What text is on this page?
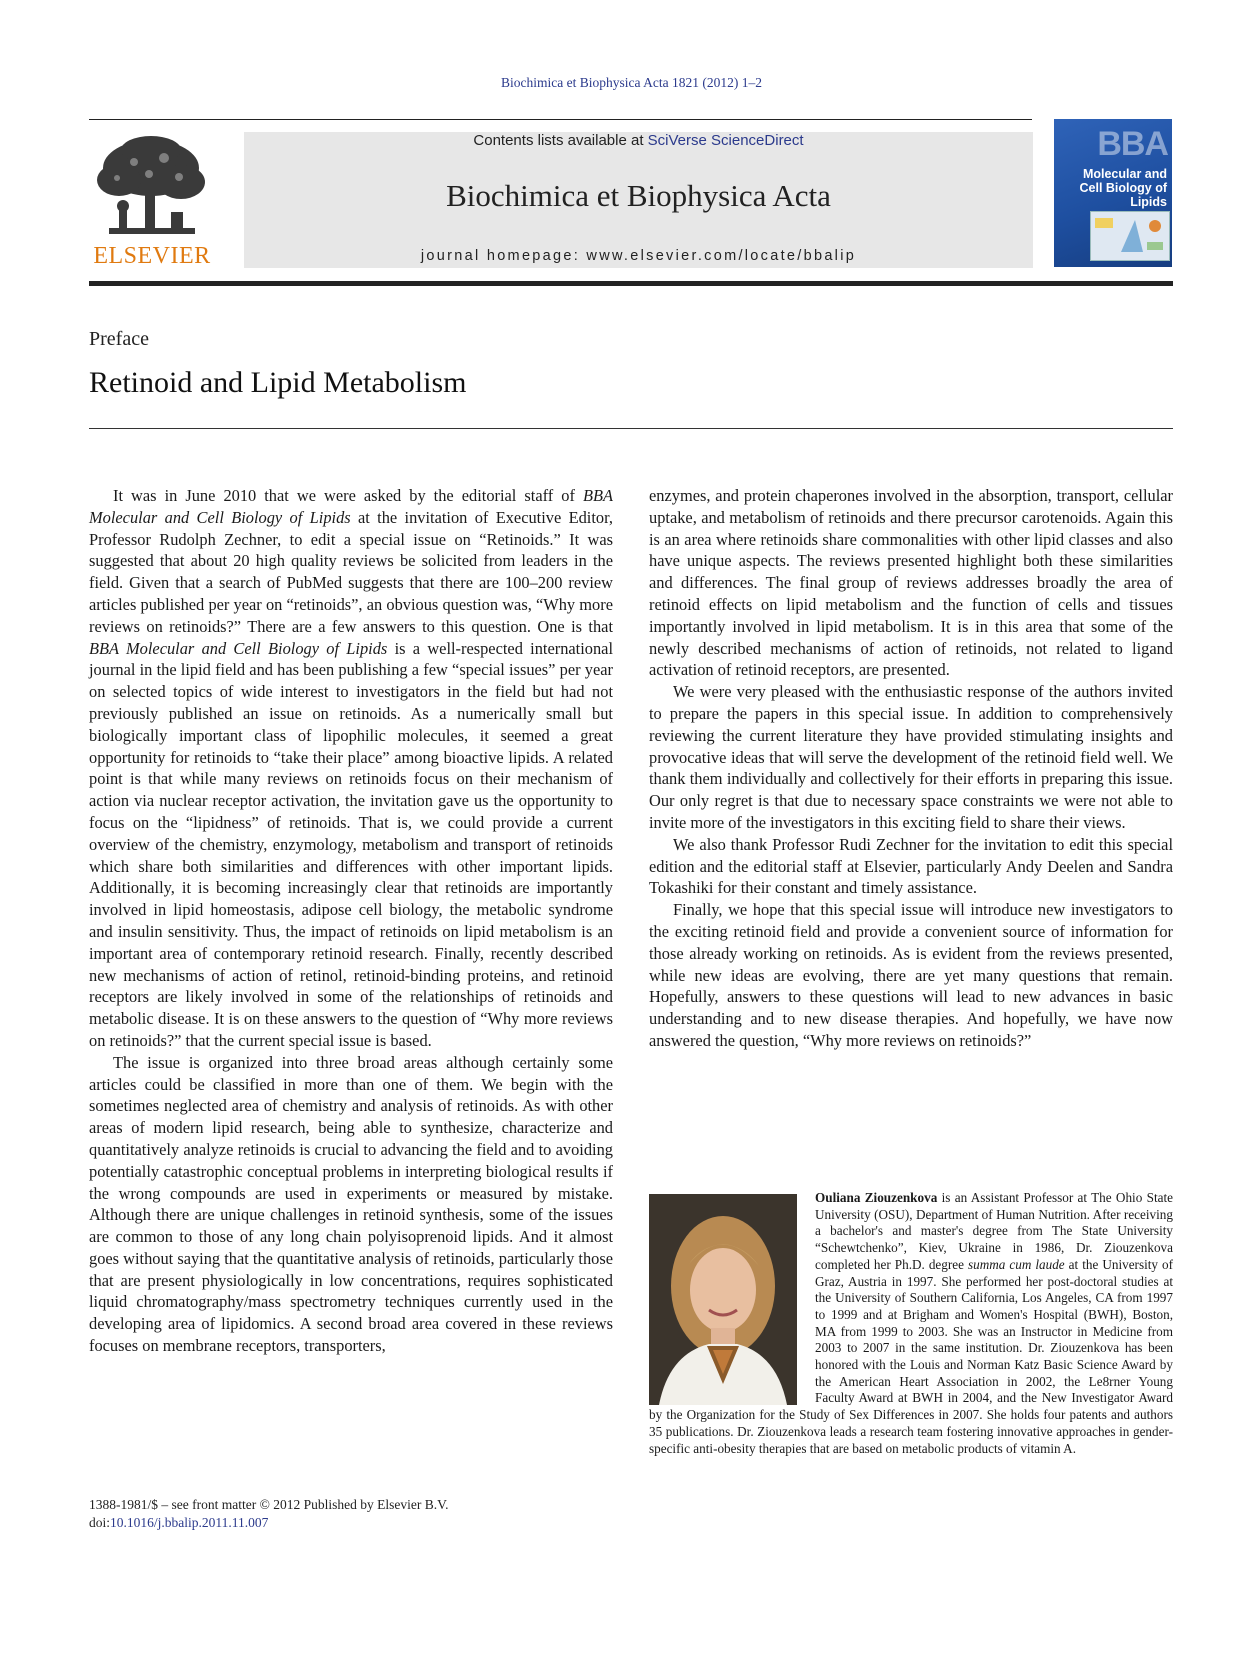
Biochimica et Biophysica Acta 1821 (2012) 1–2
ELSEVIER
Contents lists available at SciVerse ScienceDirect
Biochimica et Biophysica Acta
journal homepage: www.elsevier.com/locate/bbalip
BBA
Molecular and
Cell Biology of
Lipids
Preface
Retinoid and Lipid Metabolism

It was in June 2010 that we were asked by the editorial staff of BBA Molecular and Cell Biology of Lipids at the invitation of Executive Editor, Professor Rudolph Zechner, to edit a special issue on “Retinoids.” It was suggested that about 20 high quality reviews be solicited from leaders in the field. Given that a search of PubMed suggests that there are 100–200 review articles published per year on “retinoids”, an obvious question was, “Why more reviews on retinoids?” There are a few answers to this question. One is that BBA Molecular and Cell Biology of Lipids is a well-respected international journal in the lipid field and has been publishing a few “special issues” per year on selected topics of wide interest to investigators in the field but had not previously published an issue on retinoids. As a numerically small but biologically important class of lipophilic molecules, it seemed a great opportunity for retinoids to “take their place” among bioactive lipids. A related point is that while many reviews on retinoids focus on their mechanism of action via nuclear receptor activation, the invitation gave us the opportunity to focus on the “lipidness” of retinoids. That is, we could provide a current overview of the chemistry, enzymology, metabolism and transport of retinoids which share both similarities and differences with other important lipids. Additionally, it is becoming increasingly clear that retinoids are importantly involved in lipid homeostasis, adipose cell biology, the metabolic syndrome and insulin sensitivity. Thus, the impact of retinoids on lipid metabolism is an important area of contemporary retinoid research. Finally, recently described new mechanisms of action of retinol, retinoid-binding proteins, and retinoid receptors are likely involved in some of the relationships of retinoids and metabolic disease. It is on these answers to the question of “Why more reviews on retinoids?” that the current special issue is based.

The issue is organized into three broad areas although certainly some articles could be classified in more than one of them. We begin with the sometimes neglected area of chemistry and analysis of retinoids. As with other areas of modern lipid research, being able to synthesize, characterize and quantitatively analyze retinoids is crucial to advancing the field and to avoiding potentially catastrophic conceptual problems in interpreting biological results if the wrong compounds are used in experiments or measured by mistake. Although there are unique challenges in retinoid synthesis, some of the issues are common to those of any long chain polyisoprenoid lipids. And it almost goes without saying that the quantitative analysis of retinoids, particularly those that are present physiologically in low concentrations, requires sophisticated liquid chromatography/mass spectrometry techniques currently used in the developing area of lipidomics. A second broad area covered in these reviews focuses on membrane receptors, transporters,

enzymes, and protein chaperones involved in the absorption, transport, cellular uptake, and metabolism of retinoids and there precursor carotenoids. Again this is an area where retinoids share commonalities with other lipid classes and also have unique aspects. The reviews presented highlight both these similarities and differences. The final group of reviews addresses broadly the area of retinoid effects on lipid metabolism and the function of cells and tissues importantly involved in lipid metabolism. It is in this area that some of the newly described mechanisms of action of retinoids, not related to ligand activation of retinoid receptors, are presented.

We were very pleased with the enthusiastic response of the authors invited to prepare the papers in this special issue. In addition to comprehensively reviewing the current literature they have provided stimulating insights and provocative ideas that will serve the development of the retinoid field well. We thank them individually and collectively for their efforts in preparing this issue. Our only regret is that due to necessary space constraints we were not able to invite more of the investigators in this exciting field to share their views.

We also thank Professor Rudi Zechner for the invitation to edit this special edition and the editorial staff at Elsevier, particularly Andy Deelen and Sandra Tokashiki for their constant and timely assistance.

Finally, we hope that this special issue will introduce new investigators to the exciting retinoid field and provide a convenient source of information for those already working on retinoids. As is evident from the reviews presented, while new ideas are evolving, there are yet many questions that remain. Hopefully, answers to these questions will lead to new advances in basic understanding and to new disease therapies. And hopefully, we have now answered the question, “Why more reviews on retinoids?”

Ouliana Ziouzenkova is an Assistant Professor at The Ohio State University (OSU), Department of Human Nutrition. After receiving a bachelor's and master's degree from The State University “Schewtchenko”, Kiev, Ukraine in 1986, Dr. Ziouzenkova completed her Ph.D. degree summa cum laude at the University of Graz, Austria in 1997. She performed her post-doctoral studies at the University of Southern California, Los Angeles, CA from 1997 to 1999 and at Brigham and Women's Hospital (BWH), Boston, MA from 1999 to 2003. She was an Instructor in Medicine from 2003 to 2007 in the same institution. Dr. Ziouzenkova has been honored with the Louis and Norman Katz Basic Science Award by the American Heart Association in 2002, the Le8rner Young Faculty Award at BWH in 2004, and the New Investigator Award by the Organization for the Study of Sex Differences in 2007. She holds four patents and authors 35 publications. Dr. Ziouzenkova leads a research team fostering innovative approaches in gender-specific anti-obesity therapies that are based on metabolic products of vitamin A.
1388-1981/$ – see front matter © 2012 Published by Elsevier B.V.
doi:10.1016/j.bbalip.2011.11.007
